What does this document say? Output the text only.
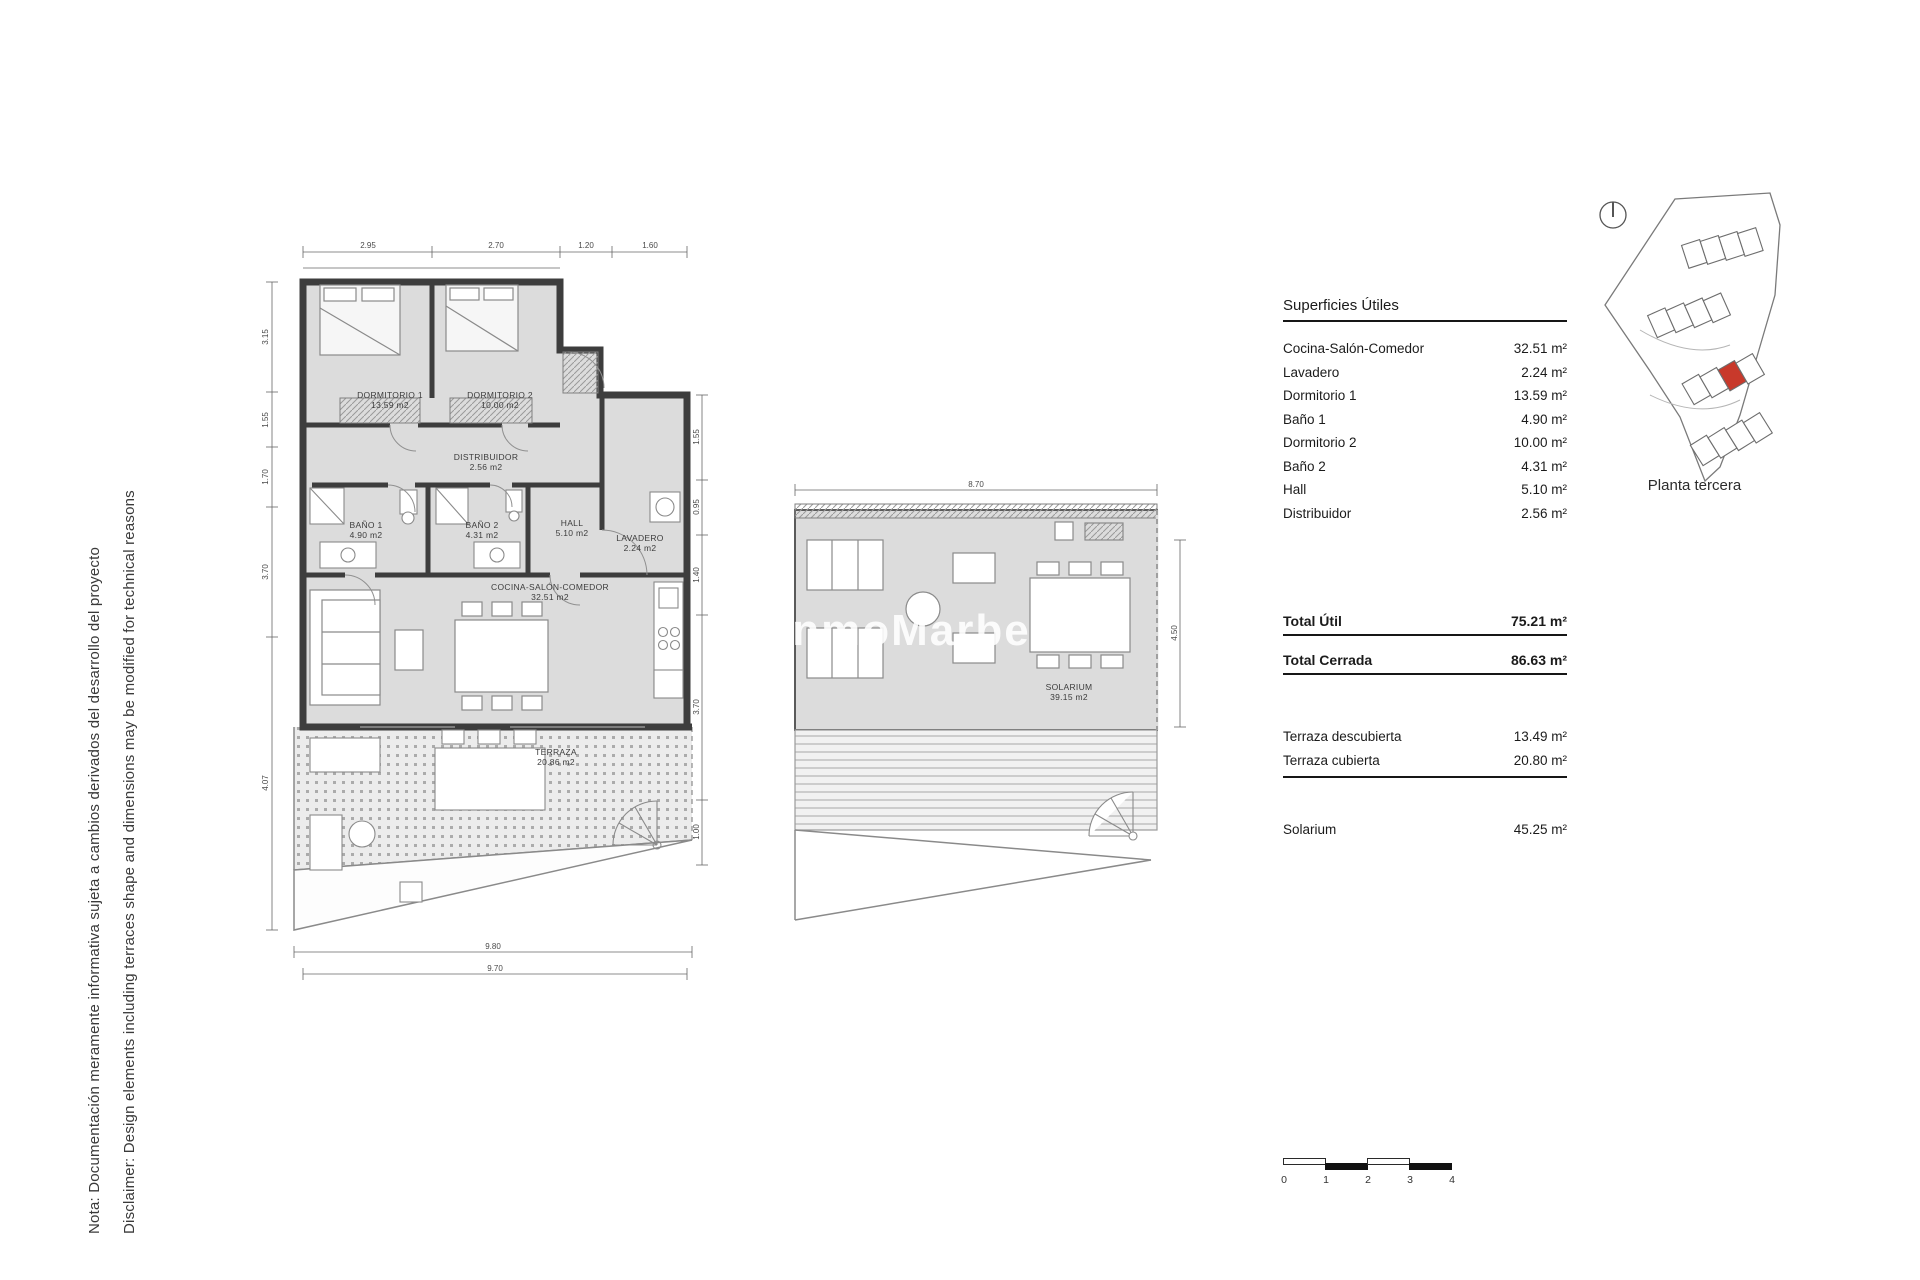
Nota: Documentación meramente informativa sujeta a cambios derivados del desarrollo del proyecto Disclaimer: Design elements including terraces shape and dimensions may be modified for technical reasons
2.95	2.70	1.20	1.60
3.15
1.55
1.70
3.70
4.07
1.55
0.95
1.40
3.70
1.00
9.80
9.70
DORMITORIO 1
13.59 m2
DORMITORIO 2
10.00 m2
DISTRIBUIDOR
2.56 m2
BAÑO 1
4.90 m2
BAÑO 2
4.31 m2
HALL
5.10 m2	LAVADERO
2.24 m2
COCINA-SALÓN-COMEDOR
32.51 m2
TERRAZA
20.86 m2
8.70
4.50
SOLARIUM
39.15 m2
InmoMarbella
Planta tercera
Superficies Útiles
Cocina-Salón-Comedor	32.51 m²
Lavadero	2.24 m²
Dormitorio 1	13.59 m²
Baño 1	4.90 m²
Dormitorio 2	10.00 m²
Baño 2	4.31 m²
Hall	5.10 m²
Distribuidor	2.56 m²
Total Útil	75.21 m²
Total Cerrada	86.63 m²
Terraza descubierta	13.49 m²
Terraza cubierta	20.80 m²
Solarium	45.25 m²
0	1	2	3	4
